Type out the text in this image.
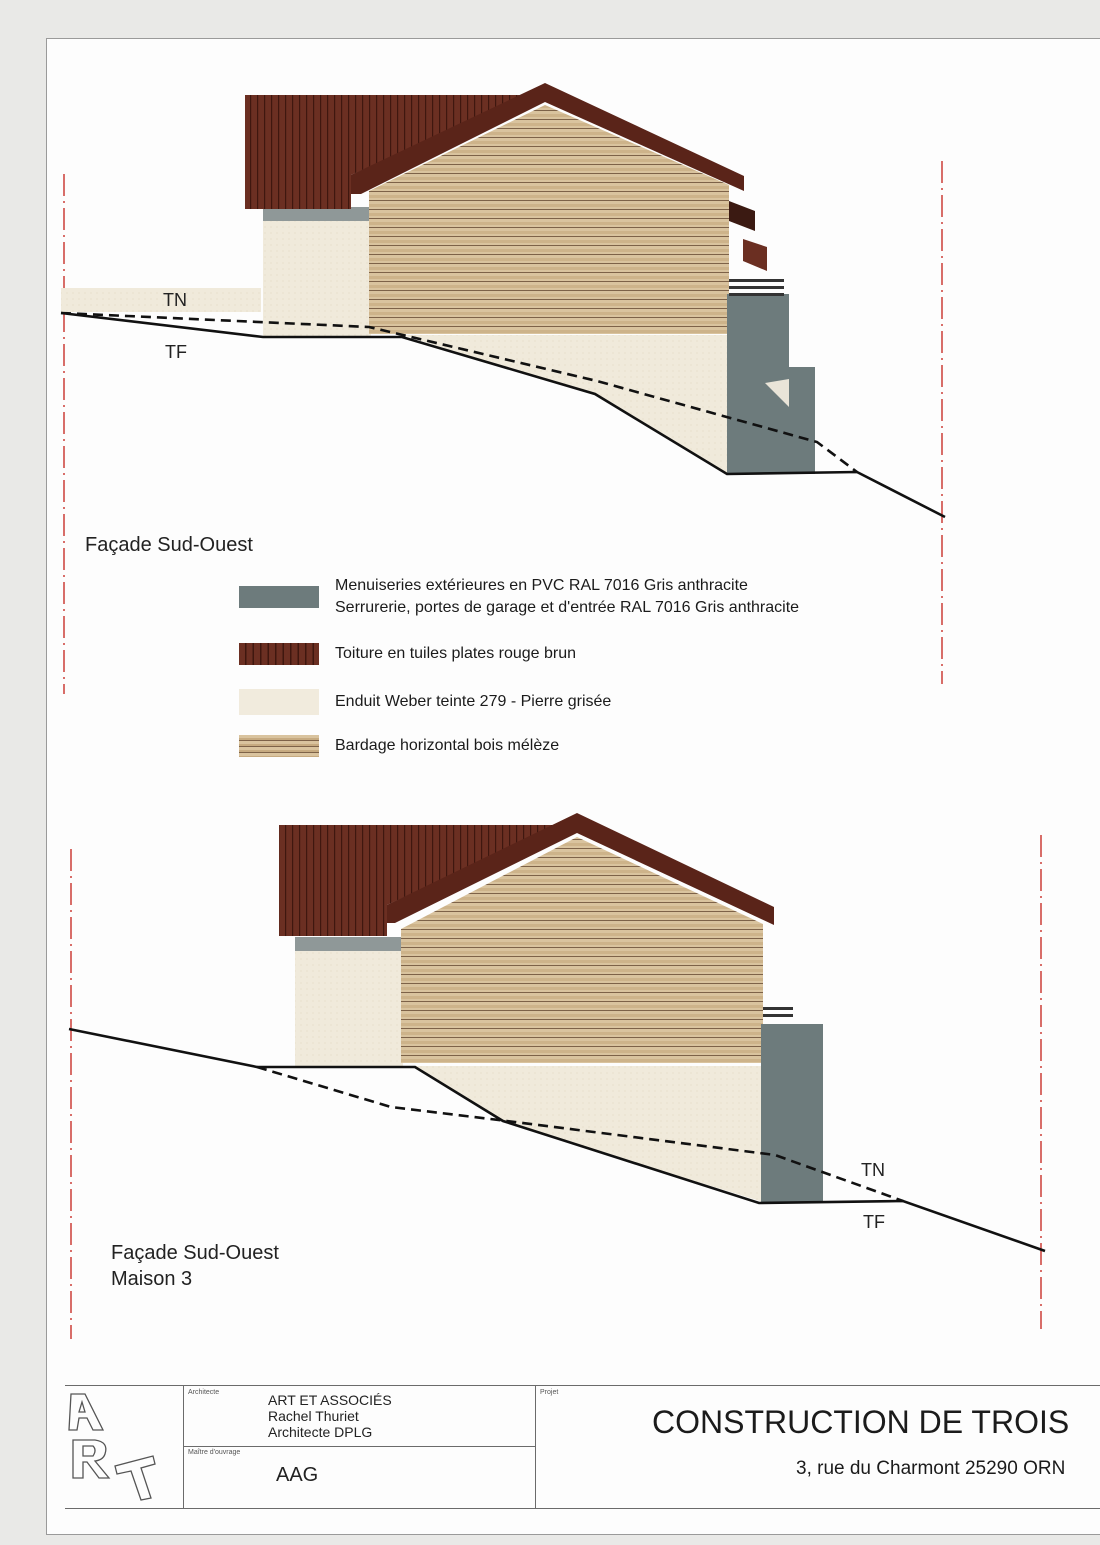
TN
TF
Façade Sud-Ouest
Menuiseries extérieures en PVC RAL 7016 Gris anthracite
Serrurerie, portes de garage et d'entrée RAL 7016 Gris anthracite
Toiture en tuiles plates rouge brun
Enduit Weber teinte 279 - Pierre grisée
Bardage horizontal bois mélèze
TN
TF
Façade Sud-Ouest
Maison 3
Architecte	ART ET ASSOCIÉS
Rachel Thuriet
Architecte DPLG
Maître d'ouvrage
AAG
Projet
CONSTRUCTION DE TROIS
3, rue du Charmont 25290 ORN
